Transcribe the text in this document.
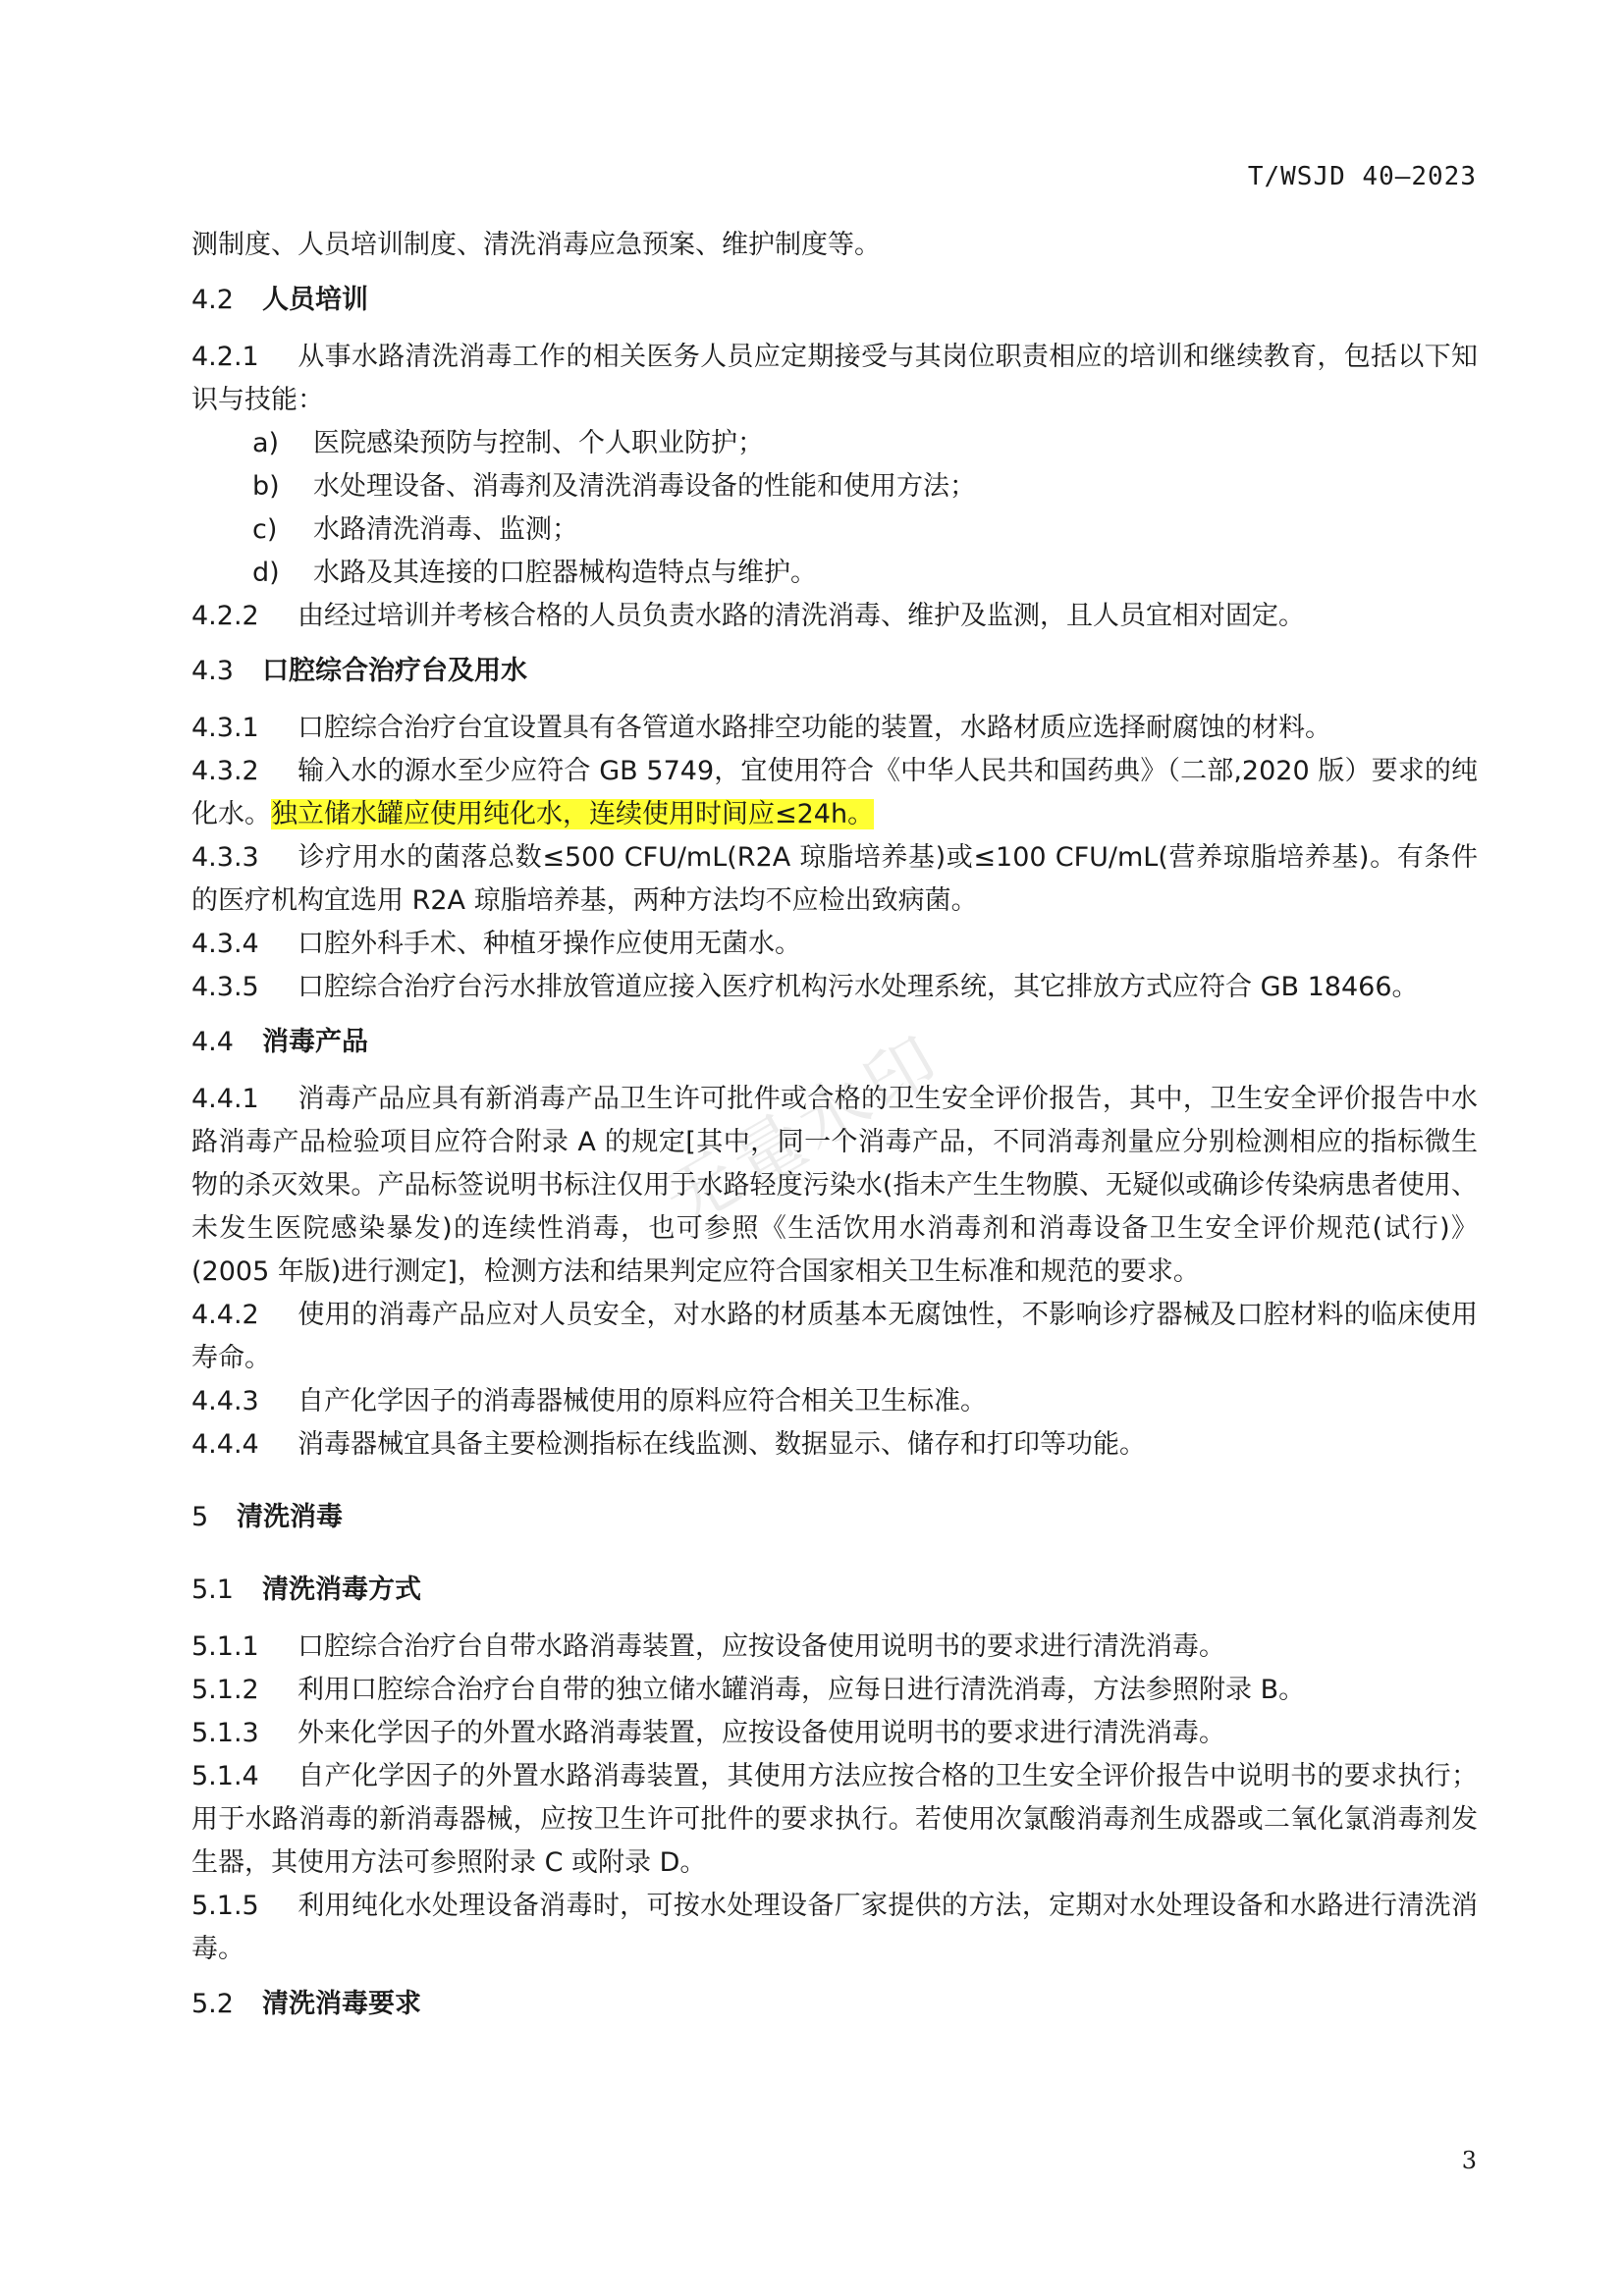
T/WSJD 40—2023
无量水印
测制度、人员培训制度、清洗消毒应急预案、维护制度等。
4.2 人员培训
4.2.1 从事水路清洗消毒工作的相关医务人员应定期接受与其岗位职责相应的培训和继续教育，包括以下知识与技能：
a) 医院感染预防与控制、个人职业防护；
b) 水处理设备、消毒剂及清洗消毒设备的性能和使用方法；
c) 水路清洗消毒、监测；
d) 水路及其连接的口腔器械构造特点与维护。
4.2.2 由经过培训并考核合格的人员负责水路的清洗消毒、维护及监测，且人员宜相对固定。
4.3 口腔综合治疗台及用水
4.3.1 口腔综合治疗台宜设置具有各管道水路排空功能的装置，水路材质应选择耐腐蚀的材料。
4.3.2 输入水的源水至少应符合 GB 5749，宜使用符合《中华人民共和国药典》（二部,2020 版）要求的纯化水。独立储水罐应使用纯化水，连续使用时间应≤24h。
4.3.3 诊疗用水的菌落总数≤500 CFU/mL(R2A 琼脂培养基)或≤100 CFU/mL(营养琼脂培养基)。有条件的医疗机构宜选用 R2A 琼脂培养基，两种方法均不应检出致病菌。
4.3.4 口腔外科手术、种植牙操作应使用无菌水。
4.3.5 口腔综合治疗台污水排放管道应接入医疗机构污水处理系统，其它排放方式应符合 GB 18466。
4.4 消毒产品
4.4.1 消毒产品应具有新消毒产品卫生许可批件或合格的卫生安全评价报告，其中，卫生安全评价报告中水路消毒产品检验项目应符合附录 A 的规定[其中，同一个消毒产品，不同消毒剂量应分别检测相应的指标微生物的杀灭效果。产品标签说明书标注仅用于水路轻度污染水(指未产生生物膜、无疑似或确诊传染病患者使用、未发生医院感染暴发)的连续性消毒，也可参照《生活饮用水消毒剂和消毒设备卫生安全评价规范(试行)》(2005 年版)进行测定]，检测方法和结果判定应符合国家相关卫生标准和规范的要求。
4.4.2 使用的消毒产品应对人员安全，对水路的材质基本无腐蚀性，不影响诊疗器械及口腔材料的临床使用寿命。
4.4.3 自产化学因子的消毒器械使用的原料应符合相关卫生标准。
4.4.4 消毒器械宜具备主要检测指标在线监测、数据显示、储存和打印等功能。
5 清洗消毒
5.1 清洗消毒方式
5.1.1 口腔综合治疗台自带水路消毒装置，应按设备使用说明书的要求进行清洗消毒。
5.1.2 利用口腔综合治疗台自带的独立储水罐消毒，应每日进行清洗消毒，方法参照附录 B。
5.1.3 外来化学因子的外置水路消毒装置，应按设备使用说明书的要求进行清洗消毒。
5.1.4 自产化学因子的外置水路消毒装置，其使用方法应按合格的卫生安全评价报告中说明书的要求执行；用于水路消毒的新消毒器械，应按卫生许可批件的要求执行。若使用次氯酸消毒剂生成器或二氧化氯消毒剂发生器，其使用方法可参照附录 C 或附录 D。
5.1.5 利用纯化水处理设备消毒时，可按水处理设备厂家提供的方法，定期对水处理设备和水路进行清洗消毒。
5.2 清洗消毒要求
3
